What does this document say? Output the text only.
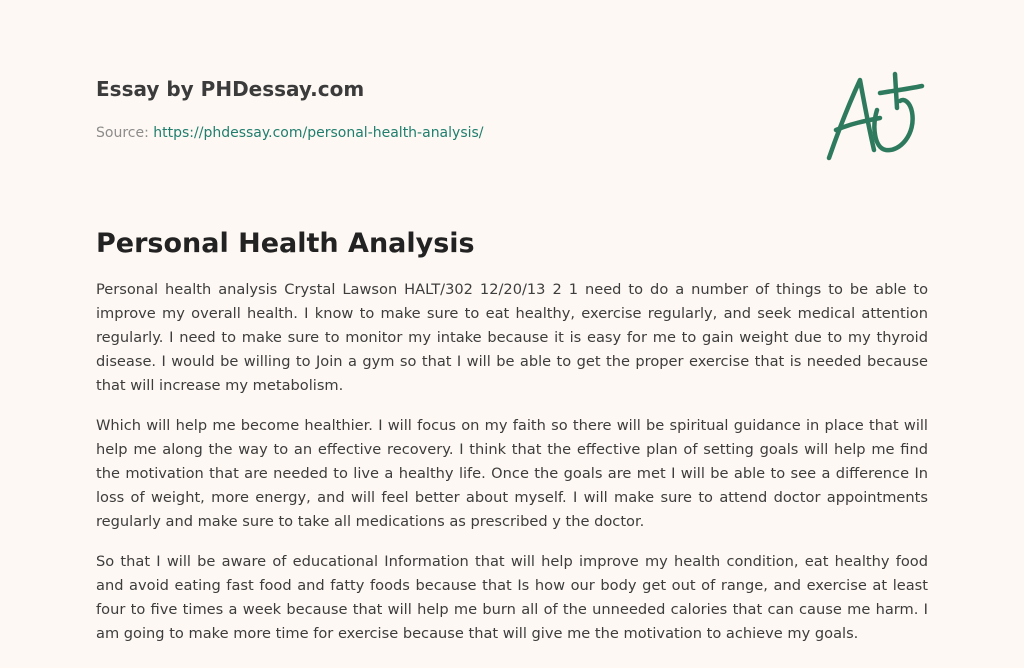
Essay by PHDessay.com
Source: https://phdessay.com/personal-health-analysis/
Personal Health Analysis

Personal health analysis Crystal Lawson HALT/302 12/20/13 2 1 need to do a number of things to be able to improve my overall health. I know to make sure to eat healthy, exercise regularly, and seek medical attention regularly. I need to make sure to monitor my intake because it is easy for me to gain weight due to my thyroid disease. I would be willing to Join a gym so that I will be able to get the proper exercise that is needed because that will increase my metabolism.

Which will help me become healthier. I will focus on my faith so there will be spiritual guidance in place that will help me along the way to an effective recovery. I think that the effective plan of setting goals will help me find the motivation that are needed to live a healthy life. Once the goals are met I will be able to see a difference In loss of weight, more energy, and will feel better about myself. I will make sure to attend doctor appointments regularly and make sure to take all medications as prescribed y the doctor.

So that I will be aware of educational Information that will help improve my health condition, eat healthy food and avoid eating fast food and fatty foods because that Is how our body get out of range, and exercise at least four to five times a week because that will help me burn all of the unneeded calories that can cause me harm. I am going to make more time for exercise because that will give me the motivation to achieve my goals.
